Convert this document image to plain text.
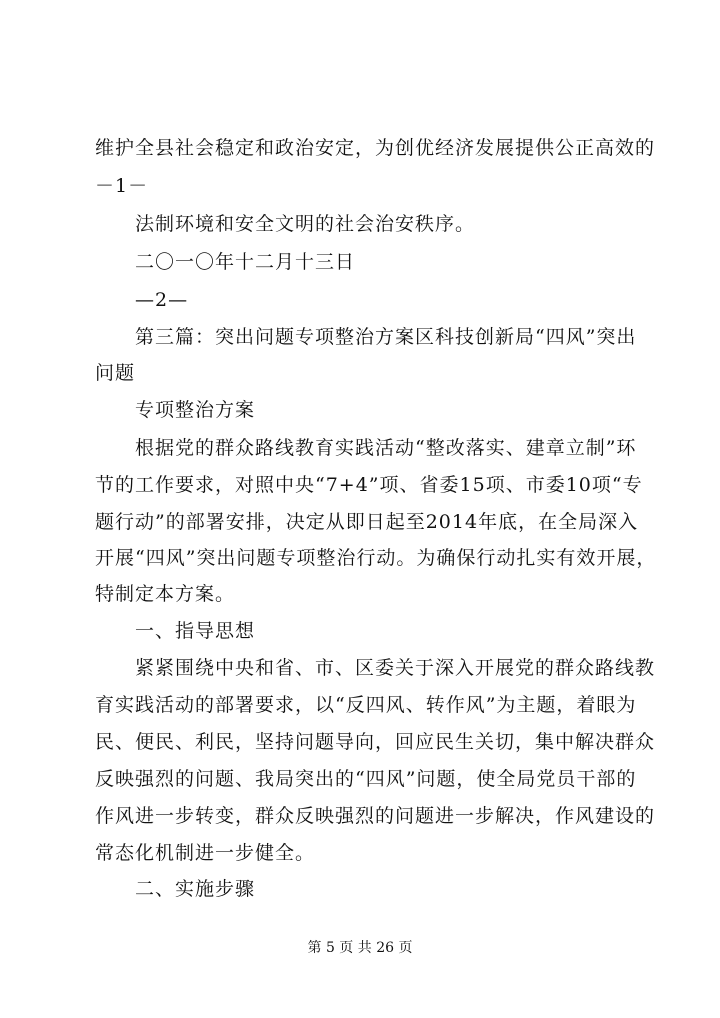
维护全县社会稳定和政治安定，为创优经济发展提供公正高效的
－1－
法制环境和安全文明的社会治安秩序。
二〇一〇年十二月十三日
—2—
第三篇：突出问题专项整治方案区科技创新局“四风”突出
问题
专项整治方案
根据党的群众路线教育实践活动“整改落实、建章立制”环
节的工作要求，对照中央“7+4”项、省委15项、市委10项“专
题行动”的部署安排，决定从即日起至2014年底，在全局深入
开展“四风”突出问题专项整治行动。为确保行动扎实有效开展，
特制定本方案。
一、指导思想
紧紧围绕中央和省、市、区委关于深入开展党的群众路线教
育实践活动的部署要求，以“反四风、转作风”为主题，着眼为
民、便民、利民，坚持问题导向，回应民生关切，集中解决群众
反映强烈的问题、我局突出的“四风”问题，使全局党员干部的
作风进一步转变，群众反映强烈的问题进一步解决，作风建设的
常态化机制进一步健全。
二、实施步骤
第 5 页 共 26 页
